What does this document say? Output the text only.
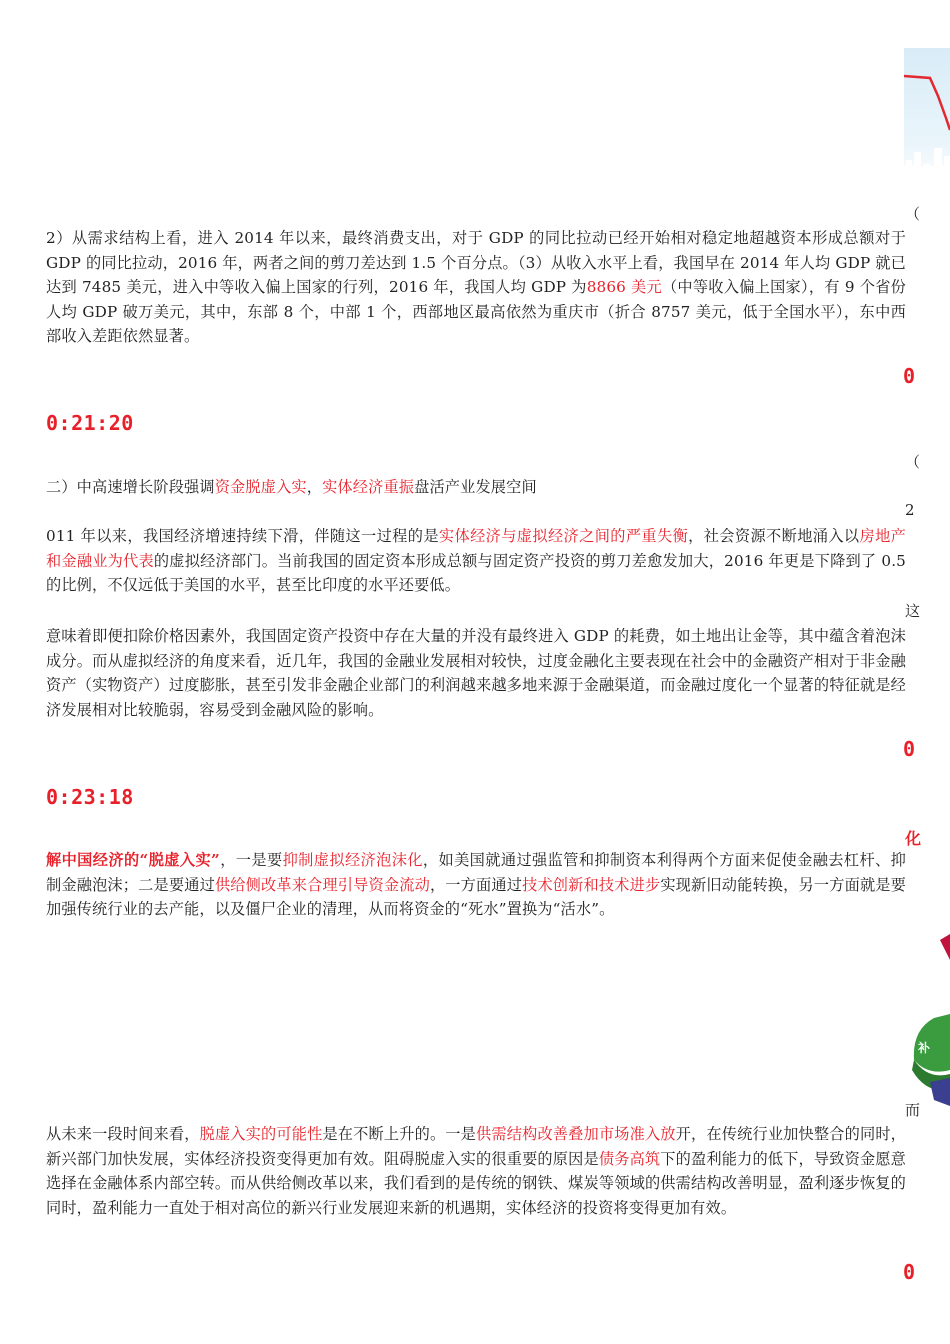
补
（
0
（
2
这
0
化
而
0

2）从需求结构上看，进入 2014 年以来，最终消费支出，对于 GDP 的同比拉动已经开始相对稳定地超越资本形成总额对于 GDP 的同比拉动，2016 年，两者之间的剪刀差达到 1.5 个百分点。（3）从收入水平上看，我国早在 2014 年人均 GDP 就已达到 7485 美元，进入中等收入偏上国家的行列，2016 年，我国人均 GDP 为8866 美元（中等收入偏上国家），有 9 个省份人均 GDP 破万美元，其中，东部 8 个，中部 1 个，西部地区最高依然为重庆市（折合 8757 美元，低于全国水平），东中西部收入差距依然显著。

0:21:20

二）中高速增长阶段强调资金脱虚入实，实体经济重振盘活产业发展空间

011 年以来，我国经济增速持续下滑，伴随这一过程的是实体经济与虚拟经济之间的严重失衡，社会资源不断地涌入以房地产和金融业为代表的虚拟经济部门。当前我国的固定资本形成总额与固定资产投资的剪刀差愈发加大，2016 年更是下降到了 0.5 的比例，不仅远低于美国的水平，甚至比印度的水平还要低。

意味着即便扣除价格因素外，我国固定资产投资中存在大量的并没有最终进入 GDP 的耗费，如土地出让金等，其中蕴含着泡沫成分。而从虚拟经济的角度来看，近几年，我国的金融业发展相对较快，过度金融化主要表现在社会中的金融资产相对于非金融资产（实物资产）过度膨胀，甚至引发非金融企业部门的利润越来越多地来源于金融渠道，而金融过度化一个显著的特征就是经济发展相对比较脆弱，容易受到金融风险的影响。

0:23:18

解中国经济的“脱虚入实”，一是要抑制虚拟经济泡沫化，如美国就通过强监管和抑制资本利得两个方面来促使金融去杠杆、抑制金融泡沫；二是要通过供给侧改革来合理引导资金流动，一方面通过技术创新和技术进步实现新旧动能转换，另一方面就是要加强传统行业的去产能，以及僵尸企业的清理，从而将资金的“死水”置换为“活水”。

从未来一段时间来看，脱虚入实的可能性是在不断上升的。一是供需结构改善叠加市场准入放开，在传统行业加快整合的同时，新兴部门加快发展，实体经济投资变得更加有效。阻碍脱虚入实的很重要的原因是债务高筑下的盈利能力的低下，导致资金愿意选择在金融体系内部空转。而从供给侧改革以来，我们看到的是传统的钢铁、煤炭等领域的供需结构改善明显，盈利逐步恢复的同时，盈利能力一直处于相对高位的新兴行业发展迎来新的机遇期，实体经济的投资将变得更加有效。
